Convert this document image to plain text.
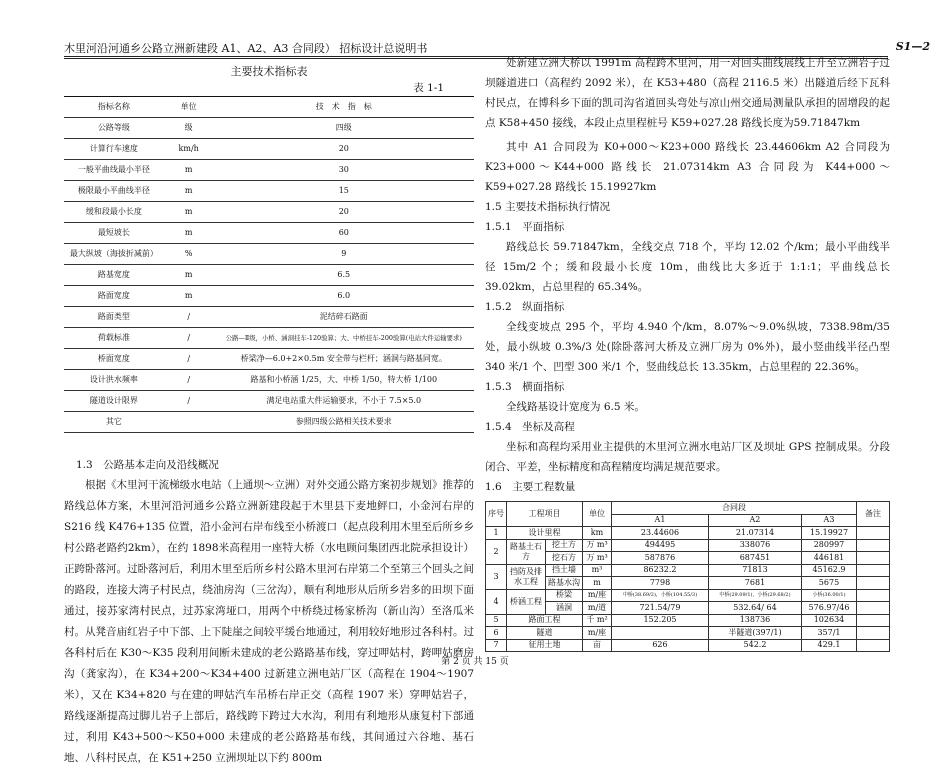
木里河沿河通乡公路立洲新建段 A1、A2、A3 合同段） 招标设计总说明书	S1—2
主要技术指标表
表 1-1
指标名称	单位	技　术　指　标
公路等级	级	四级
计算行车速度	km/h	20
一般平曲线最小半径	m	30
极限最小平曲线半径	m	15
缓和段最小长度	m	20
最短坡长	m	60
最大纵坡（海拔折减前）	%	9
路基宽度	m	6.5
路面宽度	m	6.0
路面类型	/	泥结碎石路面
荷载标准	/	公路—Ⅱ级，小桥、涵洞挂车-120验算；大、中桥挂车-200验算(电站大件运输要求)
桥面宽度	/	桥梁净—6.0+2×0.5m 安全带与栏杆；涵洞与路基同宽。
设计洪水频率	/	路基和小桥涵 1/25，大、中桥 1/50，特大桥 1/100
隧道设计限界	/	满足电站重大件运输要求，不小于 7.5×5.0
其它		参照四级公路相关技术要求
1.3　公路基本走向及沿线概况

根据《木里河干流梯级水电站（上通坝～立洲）对外交通公路方案初步规划》推荐的路线总体方案，木里河沿河通乡公路立洲新建段起于木里县下麦地鲆口，小金河右岸的 S216 线 K476+135 位置，沿小金河右岸布线至小桥渡口（起点段利用木里至后所乡乡村公路老路约2km），在约 1898米高程用一座特大桥（水电顾问集团西北院承担设计）正跨卧落河。过卧落河后，利用木里至后所乡村公路木里河右岸第二个至第三个回头之间的路段，连接大湾子村民点，绕油房沟（三岔沟），顺有利地形从后所乡岩多的田坝下面通过，接苏家湾村民点，过苏家湾垭口，用两个中桥绕过杨家桥沟（新山沟）至洛瓜米村。从凳音庙红岩子中下部、上下陡崖之间较平缓台地通过，利用较好地形过各科村。过各科村后在 K30～K35 段利用间断未建成的老公路路基布线，穿过呷姑村，跨呷姑磨房沟（龚家沟），在 K34+200～K34+400 过新建立洲电站厂区（高程在 1904～1907 米），又在 K34+820 与在建的呷姑汽车吊桥右岸正交（高程 1907 米）穿呷姑岩子，路线逐渐提高过脚儿岩子上部后，路线跨下跨过大水沟，利用有利地形从康复村下部通过，利用 K43+500～K50+000 未建成的老公路路基布线，其间通过六谷地、基石地、八科村民点，在 K51+250 立洲坝址以下约 800m

处新建立洲大桥以 1991m 高程跨木里河，用一对回头曲线展线上升至立洲岩子过坝隧道进口（高程约 2092 米），在 K53+480（高程 2116.5 米）出隧道后经下瓦科村民点，在博科乡下面的凯司沟省道回头弯处与凉山州交通局测量队承担的固增段的起点 K58+450 接线，本段止点里程桩号 K59+027.28 路线长度为59.71847km

其中 A1 合同段为 K0+000～K23+000 路线长 23.44606km A2 合同段为 K23+000～K44+000 路线长 21.07314km A3 合同段为 K44+000～K59+027.28 路线长 15.19927km

1.5 主要技术指标执行情况
1.5.1　平面指标

路线总长 59.71847km，全线交点 718 个，平均 12.02 个/km；最小平曲线半径 15m/2 个；缓和段最小长度 10m，曲线比大多近于 1:1:1；平曲线总长 39.02km，占总里程的 65.34%。

1.5.2　纵面指标

全线变坡点 295 个，平均 4.940 个/km，8.07%～9.0%纵坡，7338.98m/35 处，最小纵坡 0.3%/3 处(除卧落河大桥及立洲厂房为 0%外)，最小竖曲线半径凸型 340 米/1 个、凹型 300 米/1 个，竖曲线总长 13.35km，占总里程的 22.36%。

1.5.3　横面指标

全线路基设计宽度为 6.5 米。

1.5.4　坐标及高程

坐标和高程均采用业主提供的木里河立洲水电站厂区及坝址 GPS 控制成果。分段闭合、平差，坐标精度和高程精度均满足规范要求。

1.6　主要工程数量
序号	工程项目		单位	合同段			备注
				A1	A2	A3	
1	设计里程		km	23.44606	21.07314	15.19927	
2	路基土石方	挖土方	万 m³	494495	338076	280997	
		挖石方	万 m³	587876	687451	446181	
3	挡防及排水工程	挡土墙	m³	86232.2	71813	45162.9	
		路基水沟	m	7798	7681	5675	
4	桥涵工程	桥梁	m/座	中桥(38.69/2)，小桥(104.55/3)	中桥(29.09/1)，小桥(29.68/2)	小桥(36.00/1)	
		涵洞	m/道	721.54/79	532.64/ 64	576.97/46	
5	路面工程		千 m²	152.205	138736	102634	
6	隧道		m/座		半隧道(397/1)	357/1	
7	征用土地		亩	626	542.2	429.1	
第 2 页 共 15 页
